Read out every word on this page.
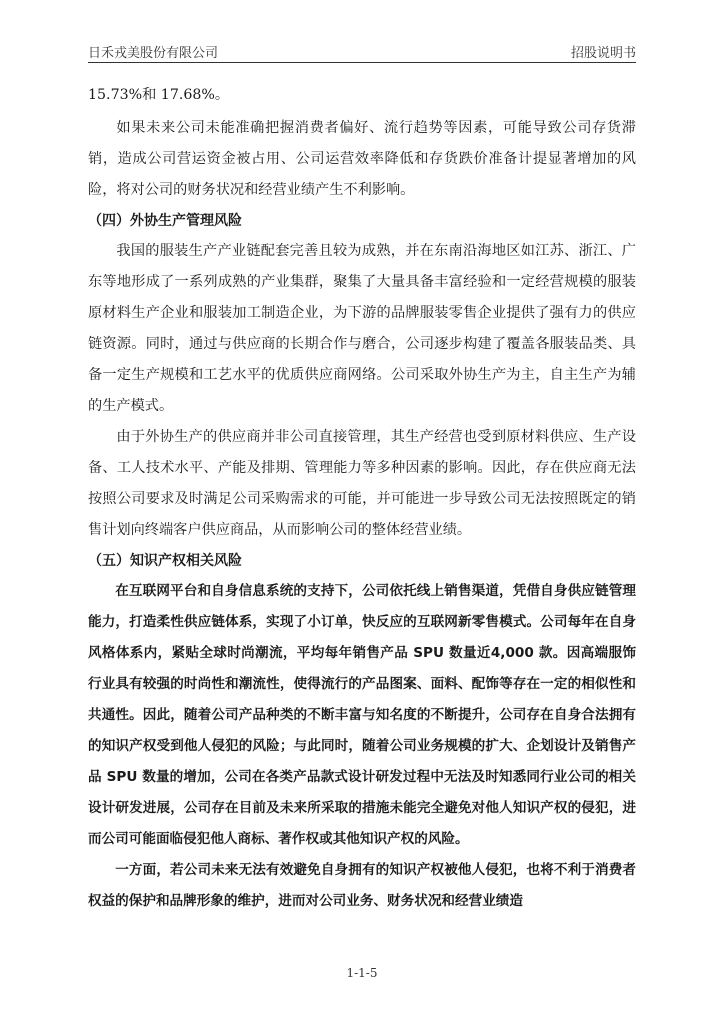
日禾戎美股份有限公司	招股说明书

15.73%和 17.68%。

如果未来公司未能准确把握消费者偏好、流行趋势等因素，可能导致公司存货滞销，造成公司营运资金被占用、公司运营效率降低和存货跌价准备计提显著增加的风险，将对公司的财务状况和经营业绩产生不利影响。

（四）外协生产管理风险

我国的服装生产产业链配套完善且较为成熟，并在东南沿海地区如江苏、浙江、广东等地形成了一系列成熟的产业集群，聚集了大量具备丰富经验和一定经营规模的服装原材料生产企业和服装加工制造企业，为下游的品牌服装零售企业提供了强有力的供应链资源。同时，通过与供应商的长期合作与磨合，公司逐步构建了覆盖各服装品类、具备一定生产规模和工艺水平的优质供应商网络。公司采取外协生产为主，自主生产为辅的生产模式。

由于外协生产的供应商并非公司直接管理，其生产经营也受到原材料供应、生产设备、工人技术水平、产能及排期、管理能力等多种因素的影响。因此，存在供应商无法按照公司要求及时满足公司采购需求的可能，并可能进一步导致公司无法按照既定的销售计划向终端客户供应商品，从而影响公司的整体经营业绩。

（五）知识产权相关风险

在互联网平台和自身信息系统的支持下，公司依托线上销售渠道，凭借自身供应链管理能力，打造柔性供应链体系，实现了小订单，快反应的互联网新零售模式。公司每年在自身风格体系内，紧贴全球时尚潮流，平均每年销售产品 SPU 数量近4,000 款。因高端服饰行业具有较强的时尚性和潮流性，使得流行的产品图案、面料、配饰等存在一定的相似性和共通性。因此，随着公司产品种类的不断丰富与知名度的不断提升，公司存在自身合法拥有的知识产权受到他人侵犯的风险；与此同时，随着公司业务规模的扩大、企划设计及销售产品 SPU 数量的增加，公司在各类产品款式设计研发过程中无法及时知悉同行业公司的相关设计研发进展，公司存在目前及未来所采取的措施未能完全避免对他人知识产权的侵犯，进而公司可能面临侵犯他人商标、著作权或其他知识产权的风险。

一方面，若公司未来无法有效避免自身拥有的知识产权被他人侵犯，也将不利于消费者权益的保护和品牌形象的维护，进而对公司业务、财务状况和经营业绩造

1-1-5
